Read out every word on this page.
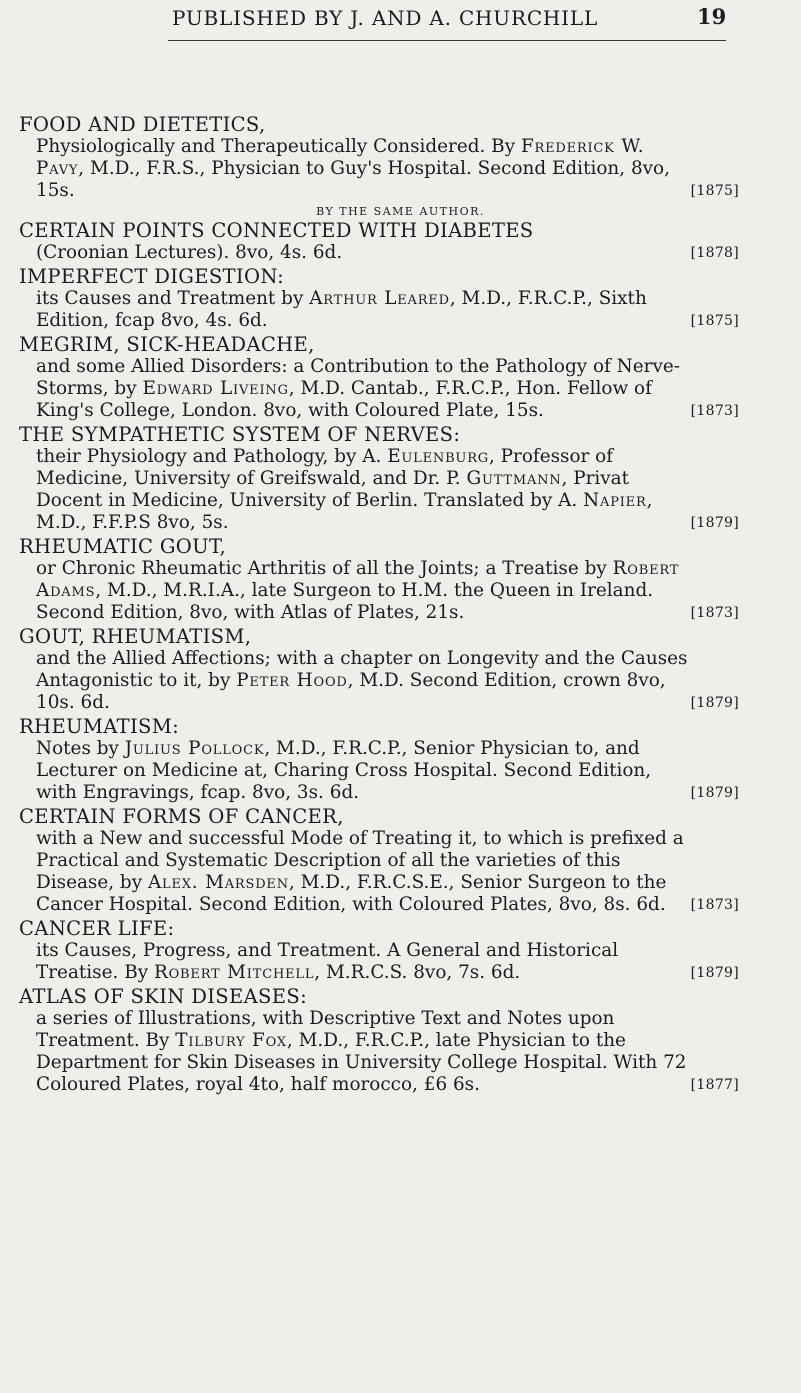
PUBLISHED BY J. AND A. CHURCHILL	19
FOOD AND DIETETICS,
Physiologically and Therapeutically Considered. By Frederick W. Pavy, M.D., F.R.S., Physician to Guy's Hospital. Second Edition, 8vo, 15s.	[1875]
BY THE SAME AUTHOR.
CERTAIN POINTS CONNECTED WITH DIABETES
(Croonian Lectures). 8vo, 4s. 6d.	[1878]
IMPERFECT DIGESTION:
its Causes and Treatment by Arthur Leared, M.D., F.R.C.P., Sixth Edition, fcap 8vo, 4s. 6d.	[1875]
MEGRIM, SICK-HEADACHE,
and some Allied Disorders: a Contribution to the Pathology of Nerve-Storms, by Edward Liveing, M.D. Cantab., F.R.C.P., Hon. Fellow of King's College, London. 8vo, with Coloured Plate, 15s.	[1873]
THE SYMPATHETIC SYSTEM OF NERVES:
their Physiology and Pathology, by A. Eulenburg, Professor of Medicine, University of Greifswald, and Dr. P. Guttmann, Privat Docent in Medicine, University of Berlin. Translated by A. Napier, M.D., F.F.P.S 8vo, 5s.	[1879]
RHEUMATIC GOUT,
or Chronic Rheumatic Arthritis of all the Joints; a Treatise by Robert Adams, M.D., M.R.I.A., late Surgeon to H.M. the Queen in Ireland. Second Edition, 8vo, with Atlas of Plates, 21s.	[1873]
GOUT, RHEUMATISM,
and the Allied Affections; with a chapter on Longevity and the Causes Antagonistic to it, by Peter Hood, M.D. Second Edition, crown 8vo, 10s. 6d.	[1879]
RHEUMATISM:
Notes by Julius Pollock, M.D., F.R.C.P., Senior Physician to, and Lecturer on Medicine at, Charing Cross Hospital. Second Edition, with Engravings, fcap. 8vo, 3s. 6d.	[1879]
CERTAIN FORMS OF CANCER,
with a New and successful Mode of Treating it, to which is prefixed a Practical and Systematic Description of all the varieties of this Disease, by Alex. Marsden, M.D., F.R.C.S.E., Senior Surgeon to the Cancer Hospital. Second Edition, with Coloured Plates, 8vo, 8s. 6d. [1873]
CANCER LIFE:
its Causes, Progress, and Treatment. A General and Historical Treatise. By Robert Mitchell, M.R.C.S. 8vo, 7s. 6d.	[1879]
ATLAS OF SKIN DISEASES:
a series of Illustrations, with Descriptive Text and Notes upon Treatment. By Tilbury Fox, M.D., F.R.C.P., late Physician to the Department for Skin Diseases in University College Hospital. With 72 Coloured Plates, royal 4to, half morocco, £6 6s.	[1877]
